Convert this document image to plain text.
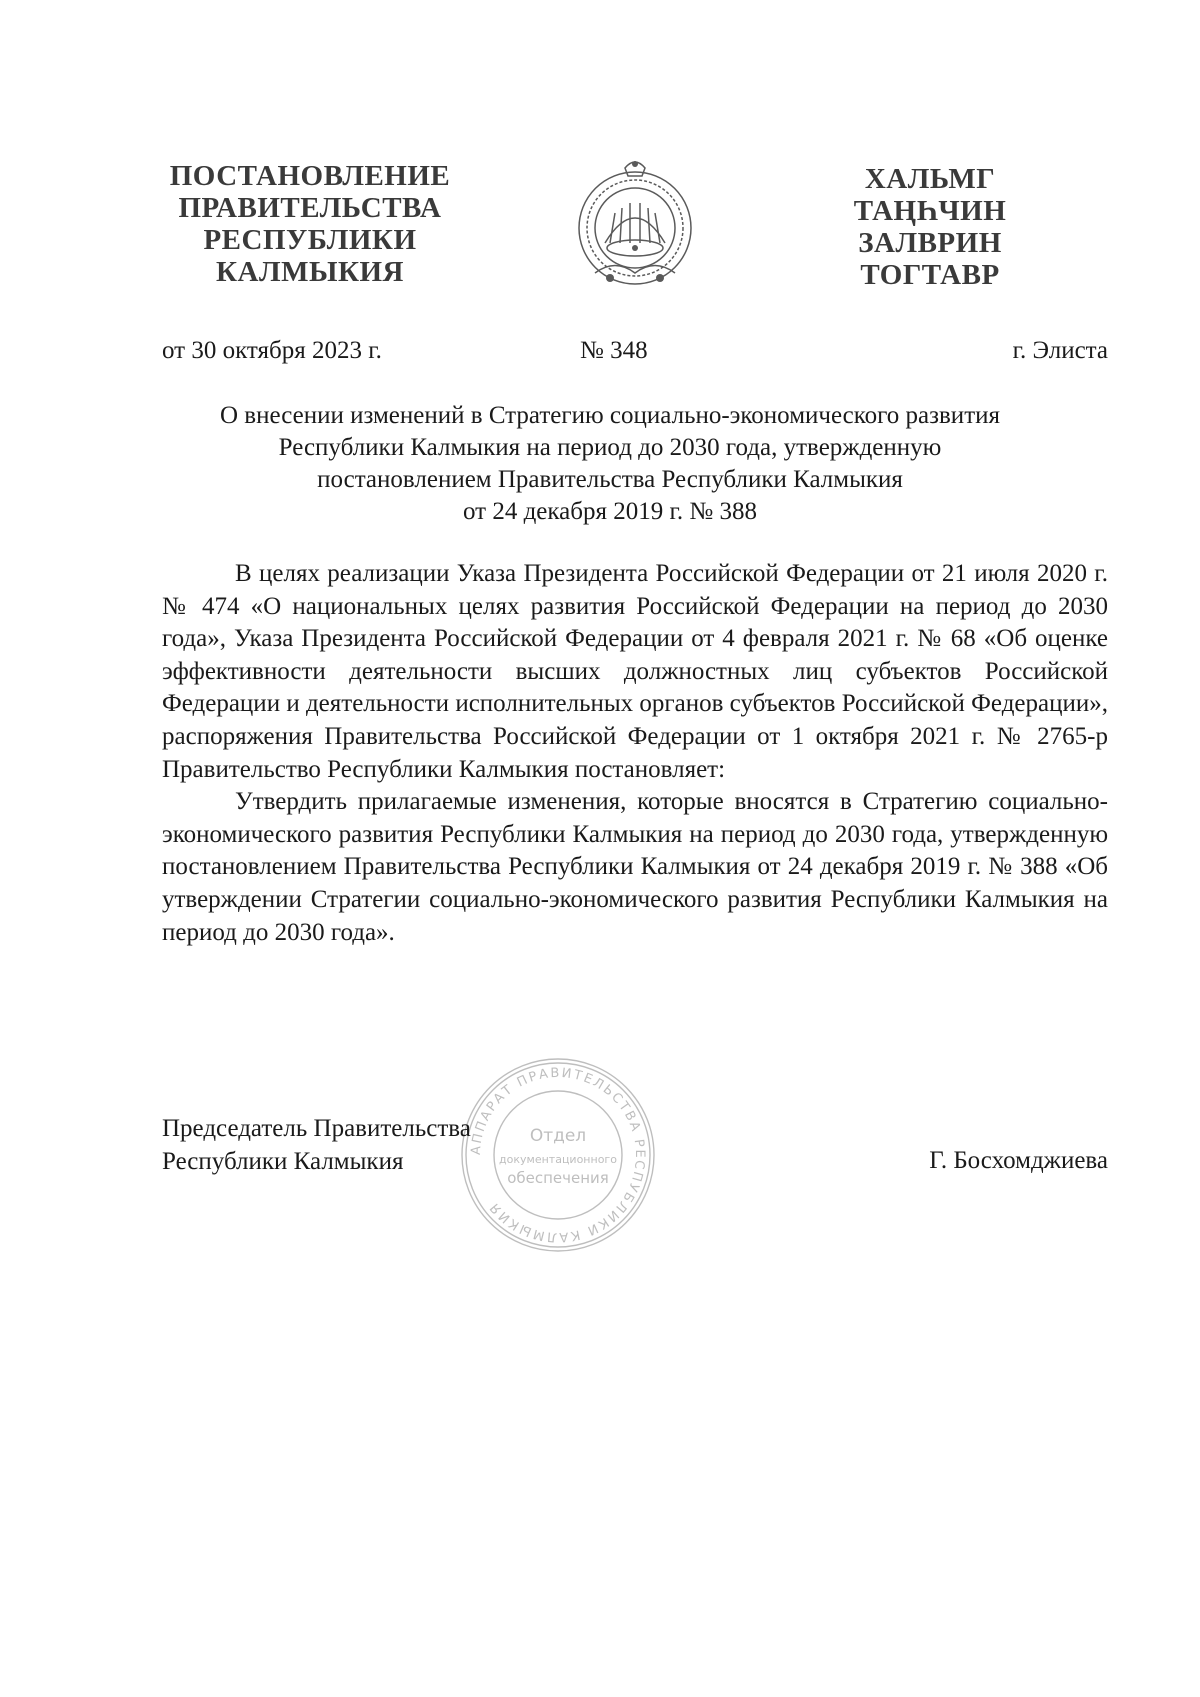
ПОСТАНОВЛЕНИЕ
ПРАВИТЕЛЬСТВА
РЕСПУБЛИКИ
КАЛМЫКИЯ
ХАЛЬМГ
ТАҢҺЧИН
ЗАЛВРИН
ТОГТАВР
от 30 октября 2023 г.	№ 348	г. Элиста
О внесении изменений в Стратегию социально-экономического развития
Республики Калмыкия на период до 2030 года, утвержденную
постановлением Правительства Республики Калмыкия
от 24 декабря 2019 г. № 388

В целях реализации Указа Президента Российской Федерации от 21 июля 2020 г. № 474 «О национальных целях развития Российской Федерации на период до 2030 года», Указа Президента Российской Федерации от 4 февраля 2021 г. № 68 «Об оценке эффективности деятельности высших должностных лиц субъектов Российской Федерации и деятельности исполнительных органов субъектов Российской Федерации», распоряжения Правительства Российской Федерации от 1 октября 2021 г. № 2765-р Правительство Республики Калмыкия постановляет:

Утвердить прилагаемые изменения, которые вносятся в Стратегию социально-экономического развития Республики Калмыкия на период до 2030 года, утвержденную постановлением Правительства Республики Калмыкия от 24 декабря 2019 г. № 388 «Об утверждении Стратегии социально-экономического развития Республики Калмыкия на период до 2030 года».

АППАРАТ ПРАВИТЕЛЬСТВА РЕСПУБЛИКИ КАЛМЫКИЯ
Отдел
документационного
обеспечения
Председатель Правительства
Республики Калмыкия	Г. Босхомджиева
